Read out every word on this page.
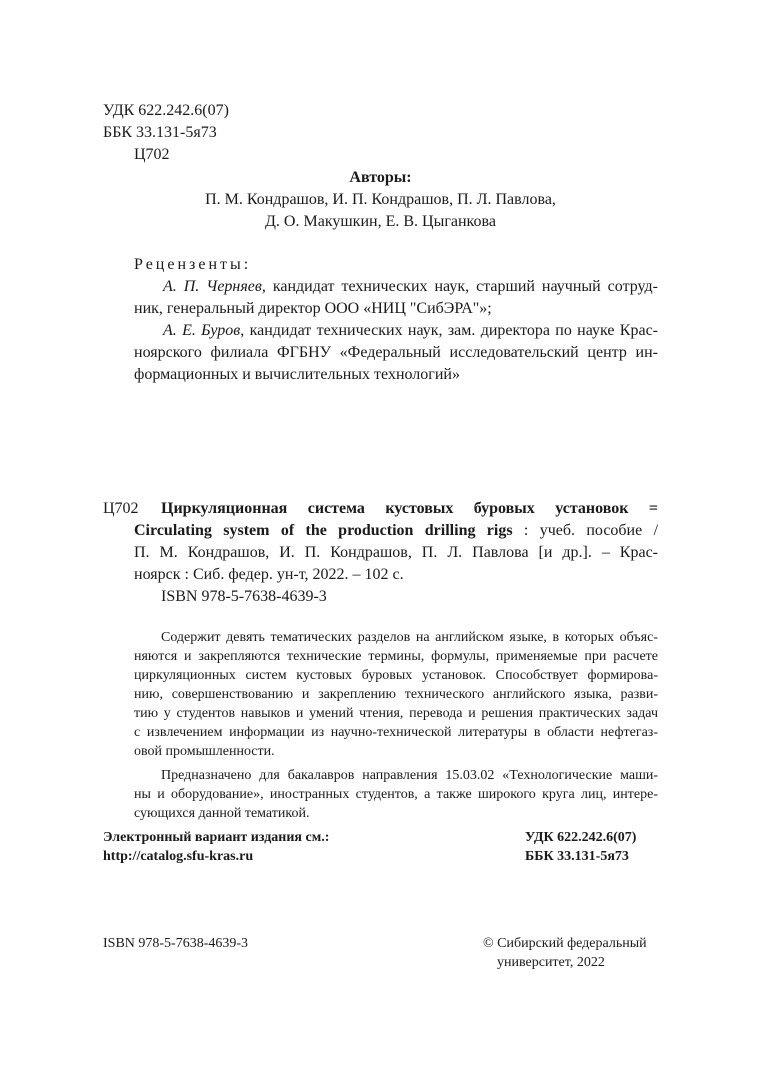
УДК 622.242.6(07)
ББК 33.131-5я73
Ц702
Авторы:
П. М. Кондрашов, И. П. Кондрашов, П. Л. Павлова,
Д. О. Макушкин, Е. В. Цыганкова
Рецензенты:
А. П. Черняев, кандидат технических наук, старший научный сотруд-
ник, генеральный директор ООО «НИЦ "СибЭРА"»;
А. Е. Буров, кандидат технических наук, зам. директора по науке Крас-
ноярского филиала ФГБНУ «Федеральный исследовательский центр ин-
формационных и вычислительных технологий»
Ц702 Циркуляционная система кустовых буровых установок =
Circulating system of the production drilling rigs : учеб. пособие /
П. М. Кондрашов, И. П. Кондрашов, П. Л. Павлова [и др.]. – Крас-
ноярск : Сиб. федер. ун-т, 2022. – 102 с.
ISBN 978-5-7638-4639-3
Содержит девять тематических разделов на английском языке, в которых объяс-
няются и закрепляются технические термины, формулы, применяемые при расчете
циркуляционных систем кустовых буровых установок. Способствует формирова-
нию, совершенствованию и закреплению технического английского языка, разви-
тию у студентов навыков и умений чтения, перевода и решения практических задач
с извлечением информации из научно-технической литературы в области нефтегаз-
овой промышленности.
Предназначено для бакалавров направления 15.03.02 «Технологические маши-
ны и оборудование», иностранных студентов, а также широкого круга лиц, интере-
сующихся данной тематикой.
Электронный вариант издания см.:
http://catalog.sfu-kras.ru
УДК 622.242.6(07)
ББК 33.131-5я73
ISBN 978-5-7638-4639-3	© Сибирский федеральный
университет, 2022
